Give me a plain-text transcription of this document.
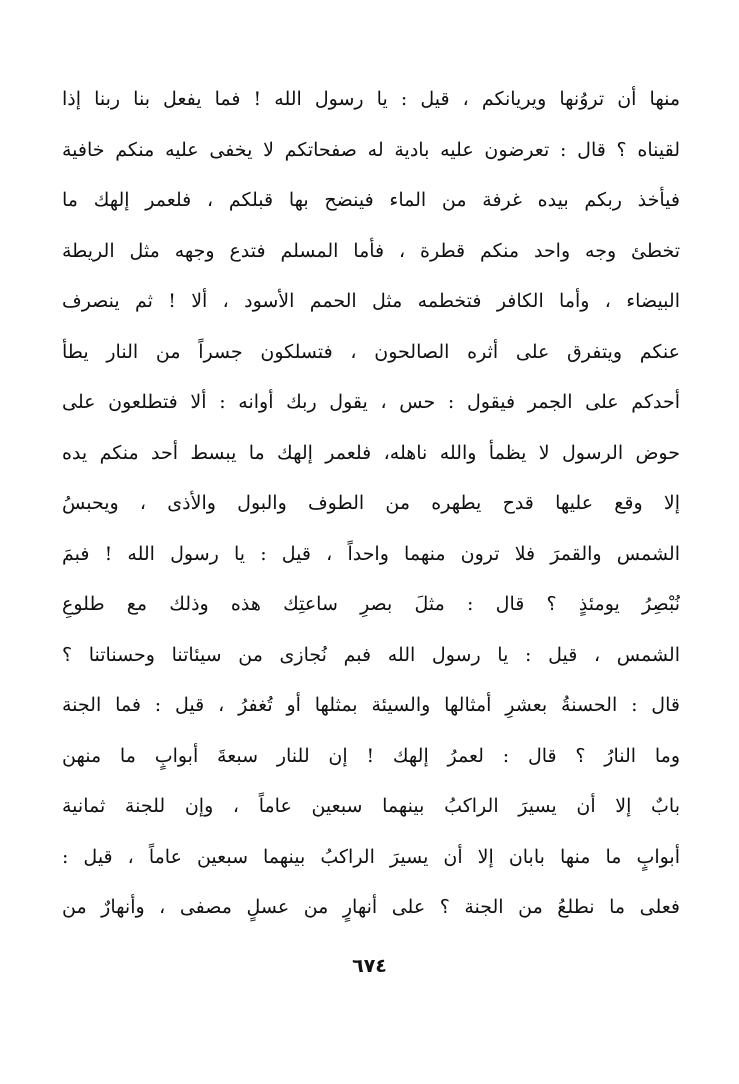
منها أن تروُنها ويريانكم ، قيل : يا رسول الله ! فما يفعل بنا ربنا إذا
لقيناه ؟ قال : تعرضون عليه بادية له صفحاتكم لا يخفى عليه منكم خافية
فيأخذ ربكم بيده غرفة من الماء فينضح بها قبلكم ، فلعمر إلهك ما
تخطئ وجه واحد منكم قطرة ، فأما المسلم فتدع وجهه مثل الريطة
البيضاء ، وأما الكافر فتخطمه مثل الحمم الأسود ، ألا ! ثم ينصرف
عنكم ويتفرق على أثره الصالحون ، فتسلكون جسراً من النار يطأ
أحدكم على الجمر فيقول : حس ، يقول ربك أوانه : ألا فتطلعون على
حوض الرسول لا يظمأ والله ناهله، فلعمر إلهك ما يبسط أحد منكم يده
إلا وقع عليها قدح يطهره من الطوف والبول والأذى ، ويحبسُ
الشمس والقمرَ فلا ترون منهما واحداً ، قيل : يا رسول الله ! فبمَ
نُبْصِرُ يومئذٍ ؟ قال : مثلَ بصرِ ساعتِك هذه وذلك مع طلوعِ
الشمس ، قيل : يا رسول الله فبم نُجازى من سيئاتنا وحسناتنا ؟
قال : الحسنةُ بعشرِ أمثالها والسيئة بمثلها أو تُغفرُ ، قيل : فما الجنة
وما النارُ ؟ قال : لعمرُ إلهك ! إن للنار سبعةَ أبوابٍ ما منهن
بابٌ إلا أن يسيرَ الراكبُ بينهما سبعين عاماً ، وإن للجنة ثمانية
أبوابٍ ما منها بابان إلا أن يسيرَ الراكبُ بينهما سبعين عاماً ، قيل :
فعلى ما نطلعُ من الجنة ؟ على أنهارٍ من عسلٍ مصفى ، وأنهارٌ من
٦٧٤
